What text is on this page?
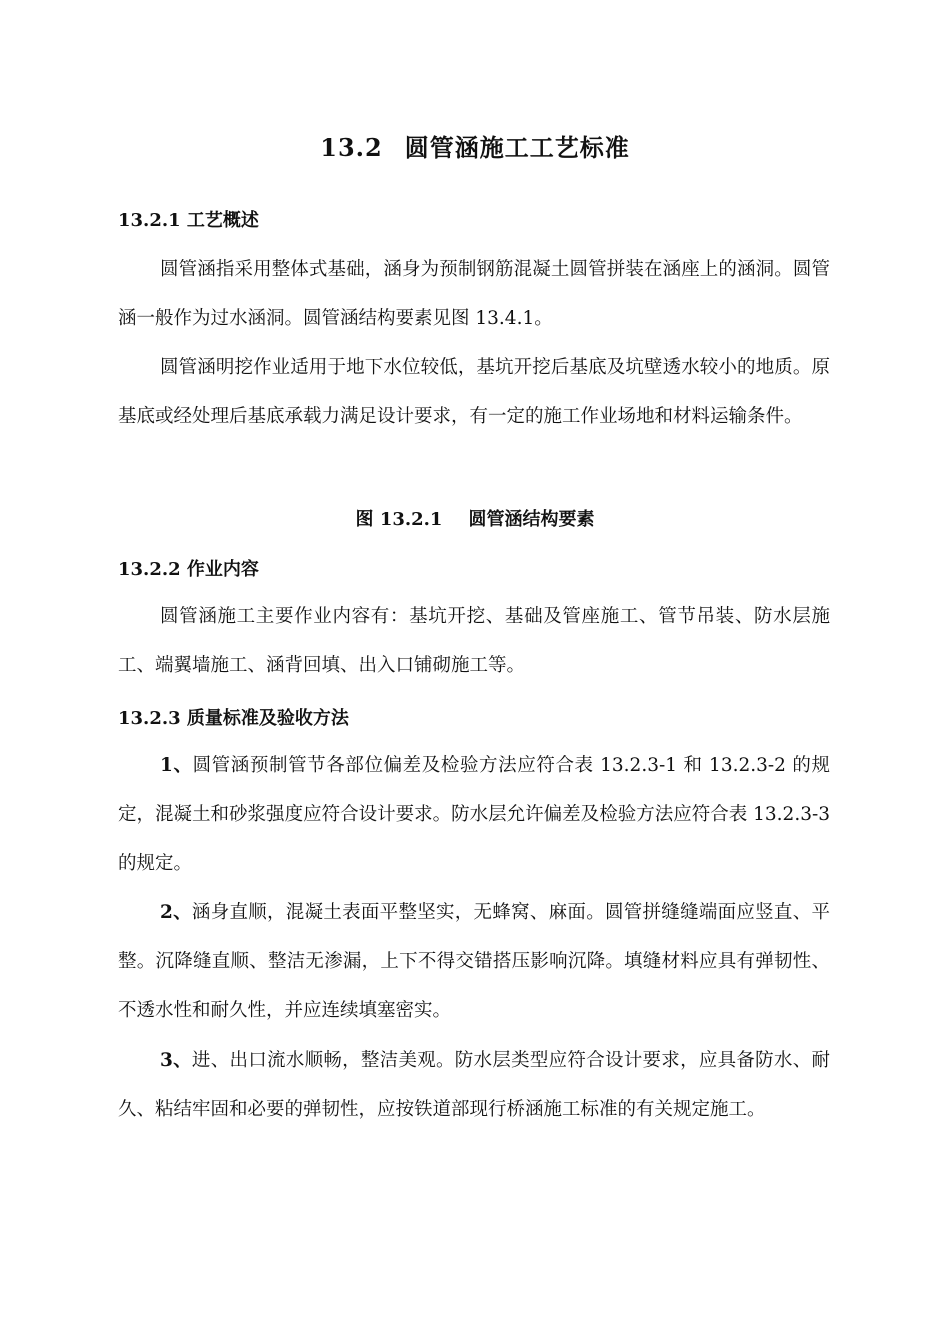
13.2 圆管涵施工工艺标准
13.2.1 工艺概述

圆管涵指采用整体式基础，涵身为预制钢筋混凝土圆管拼装在涵座上的涵洞。圆管涵一般作为过水涵洞。圆管涵结构要素见图 13.4.1。

圆管涵明挖作业适用于地下水位较低，基坑开挖后基底及坑壁透水较小的地质。原基底或经处理后基底承载力满足设计要求，有一定的施工作业场地和材料运输条件。

图 13.2.1 圆管涵结构要素
13.2.2 作业内容

圆管涵施工主要作业内容有：基坑开挖、基础及管座施工、管节吊装、防水层施工、端翼墙施工、涵背回填、出入口铺砌施工等。

13.2.3 质量标准及验收方法

1、圆管涵预制管节各部位偏差及检验方法应符合表 13.2.3-1 和 13.2.3-2 的规定，混凝土和砂浆强度应符合设计要求。防水层允许偏差及检验方法应符合表 13.2.3-3 的规定。

2、涵身直顺，混凝土表面平整坚实，无蜂窝、麻面。圆管拼缝缝端面应竖直、平整。沉降缝直顺、整洁无渗漏，上下不得交错搭压影响沉降。填缝材料应具有弹韧性、不透水性和耐久性，并应连续填塞密实。

3、进、出口流水顺畅，整洁美观。防水层类型应符合设计要求，应具备防水、耐久、粘结牢固和必要的弹韧性，应按铁道部现行桥涵施工标准的有关规定施工。
